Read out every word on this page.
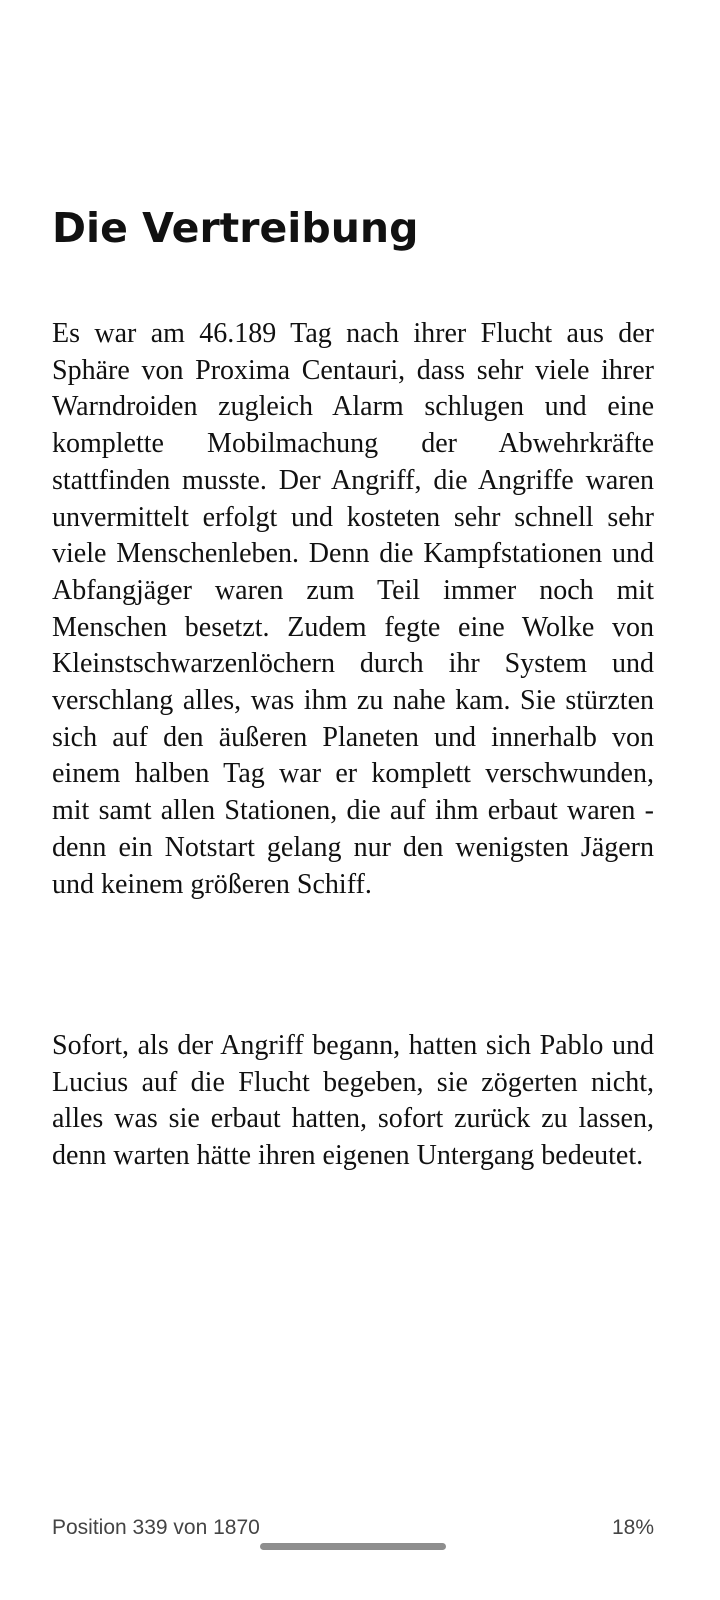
Die Vertreibung

Es war am 46.189 Tag nach ihrer Flucht aus der Sphäre von Proxima Centauri, dass sehr viele ihrer Warndroiden zugleich Alarm schlugen und eine komplette Mobilmachung der Abwehrkräfte stattfinden musste. Der Angriff, die Angriffe waren unvermittelt erfolgt und kosteten sehr schnell sehr viele Menschenleben. Denn die Kampfstationen und Abfangjäger waren zum Teil immer noch mit Menschen besetzt. Zudem fegte eine Wolke von Kleinstschwarzenlöchern durch ihr System und verschlang alles, was ihm zu nahe kam. Sie stürzten sich auf den äußeren Planeten und innerhalb von einem halben Tag war er komplett verschwunden, mit samt allen Stationen, die auf ihm erbaut waren - denn ein Notstart gelang nur den wenigsten Jägern und keinem größeren Schiff.

Sofort, als der Angriff begann, hatten sich Pablo und Lucius auf die Flucht begeben, sie zögerten nicht, alles was sie erbaut hatten, sofort zurück zu lassen, denn warten hätte ihren eigenen Untergang bedeutet.

Position 339 von 1870	18%
